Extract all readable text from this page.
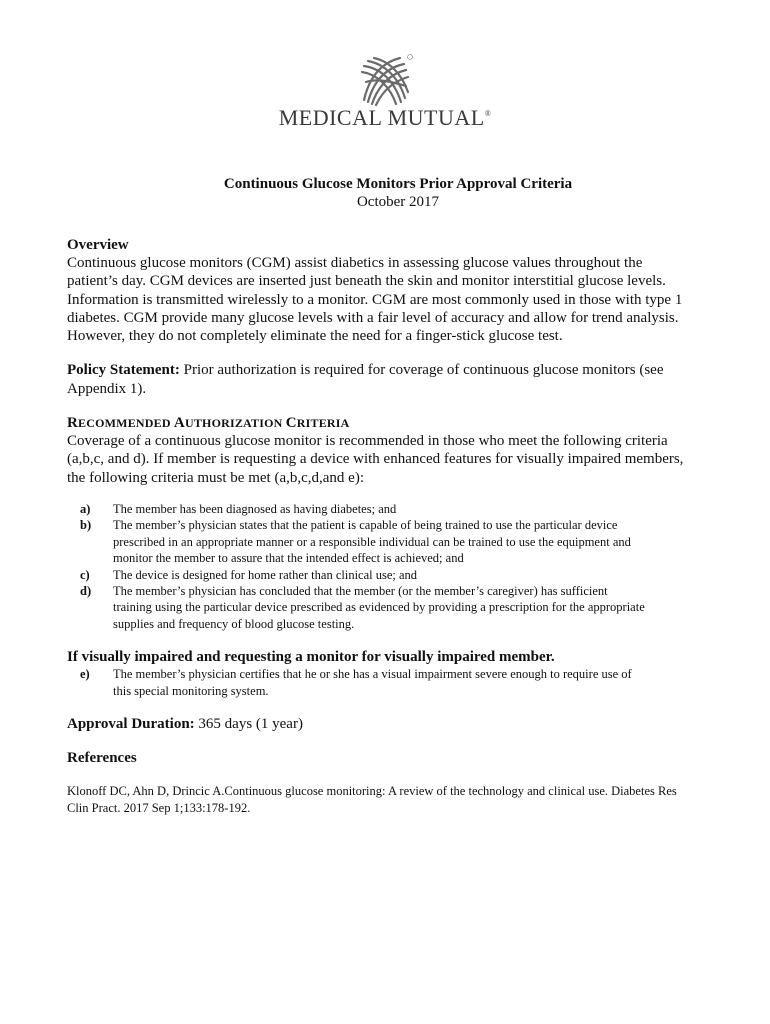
MEDICAL MUTUAL®
Continuous Glucose Monitors Prior Approval Criteria
October 2017

Overview

Continuous glucose monitors (CGM) assist diabetics in assessing glucose values throughout the

patient’s day. CGM devices are inserted just beneath the skin and monitor interstitial glucose levels.

Information is transmitted wirelessly to a monitor. CGM are most commonly used in those with type 1

diabetes. CGM provide many glucose levels with a fair level of accuracy and allow for trend analysis.

However, they do not completely eliminate the need for a finger-stick glucose test.

Policy Statement: Prior authorization is required for coverage of continuous glucose monitors (see

Appendix 1).

RECOMMENDED AUTHORIZATION CRITERIA

Coverage of a continuous glucose monitor is recommended in those who meet the following criteria

(a,b,c, and d). If member is requesting a device with enhanced features for visually impaired members,

the following criteria must be met (a,b,c,d,and e):

a) The member has been diagnosed as having diabetes; and
b) The member’s physician states that the patient is capable of being trained to use the particular device
prescribed in an appropriate manner or a responsible individual can be trained to use the equipment and
monitor the member to assure that the intended effect is achieved; and
c) The device is designed for home rather than clinical use; and
d) The member’s physician has concluded that the member (or the member’s caregiver) has sufficient
training using the particular device prescribed as evidenced by providing a prescription for the appropriate
supplies and frequency of blood glucose testing.

If visually impaired and requesting a monitor for visually impaired member.

e) The member’s physician certifies that he or she has a visual impairment severe enough to require use of
this special monitoring system.

Approval Duration: 365 days (1 year)

References

Klonoff DC, Ahn D, Drincic A.Continuous glucose monitoring: A review of the technology and clinical use. Diabetes Res

Clin Pract. 2017 Sep 1;133:178-192.
